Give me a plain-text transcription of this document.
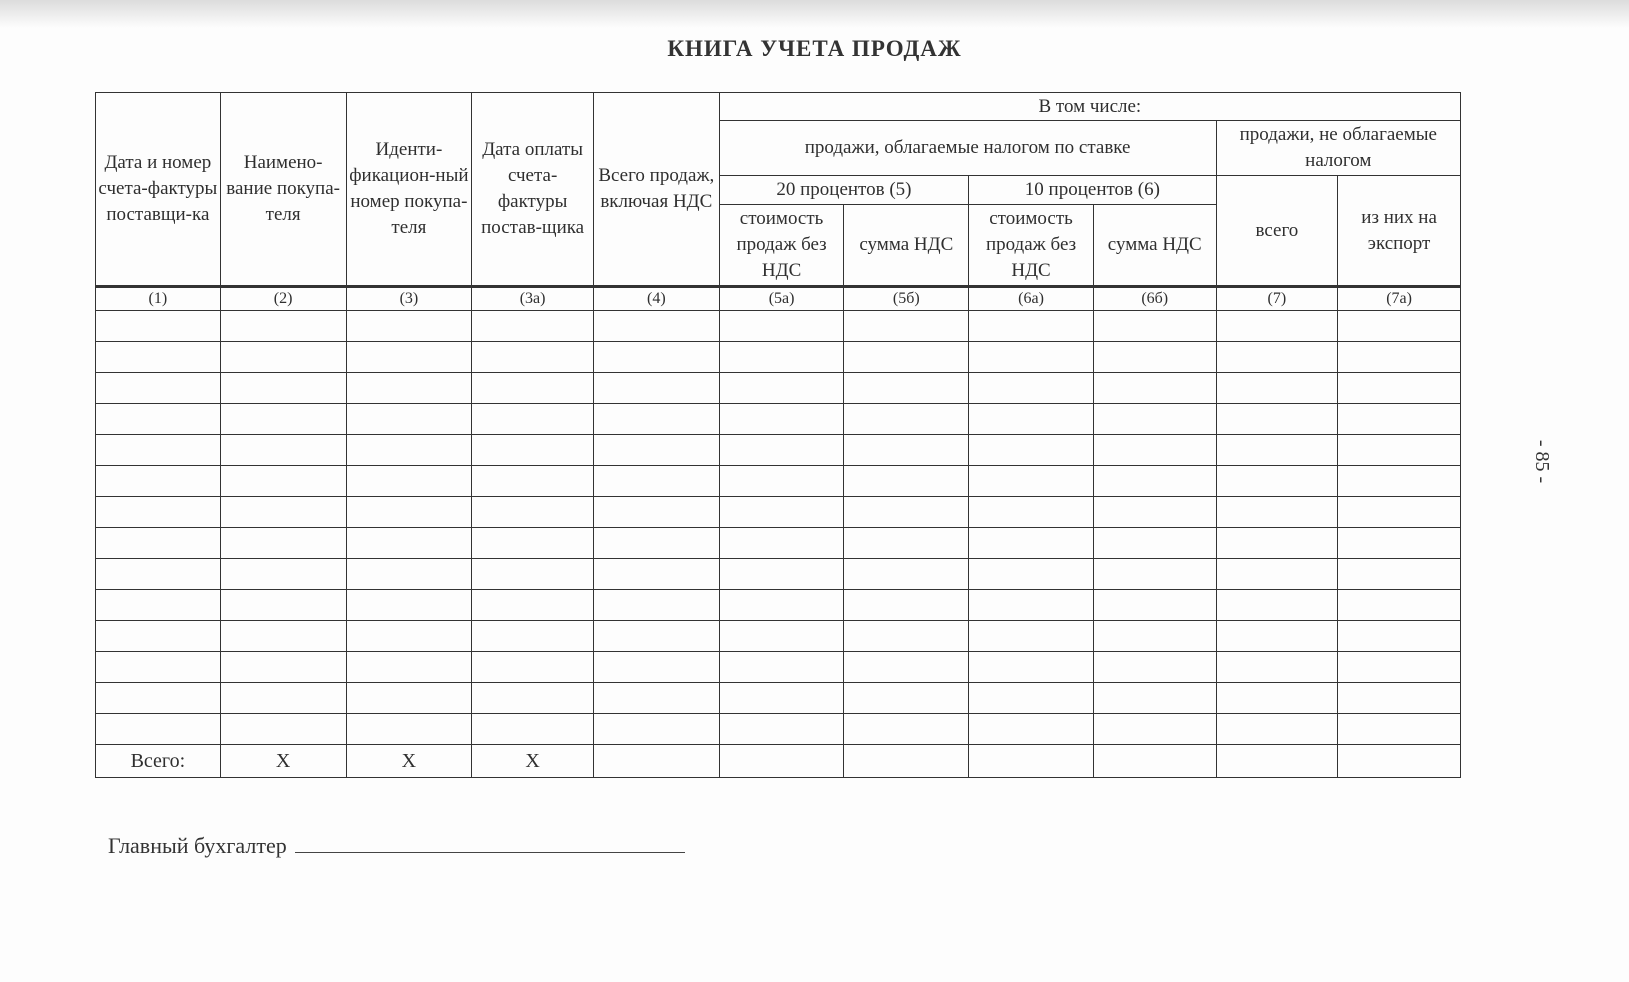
КНИГА УЧЕТА ПРОДАЖ
Дата и номер счета-фактуры поставщи-ка	Наимено-вание покупа-теля	Иденти-фикацион-ный номер покупа-теля	Дата оплаты счета-фактуры постав-щика	Всего продаж, включая НДС	В том числе:					
					продажи, облагаемые налогом по ставке				продажи, не облагаемые налогом	
					20 процентов (5)		10 процентов (6)		всего	из них на экспорт
					стоимость продаж без НДС	сумма НДС	стоимость продаж без НДС	сумма НДС		
(1)	(2)	(3)	(3а)	(4)	(5а)	(5б)	(6а)	(6б)	(7)	(7а)

Всего:	X	X	X							
Главный бухгалтер
- 85 -
